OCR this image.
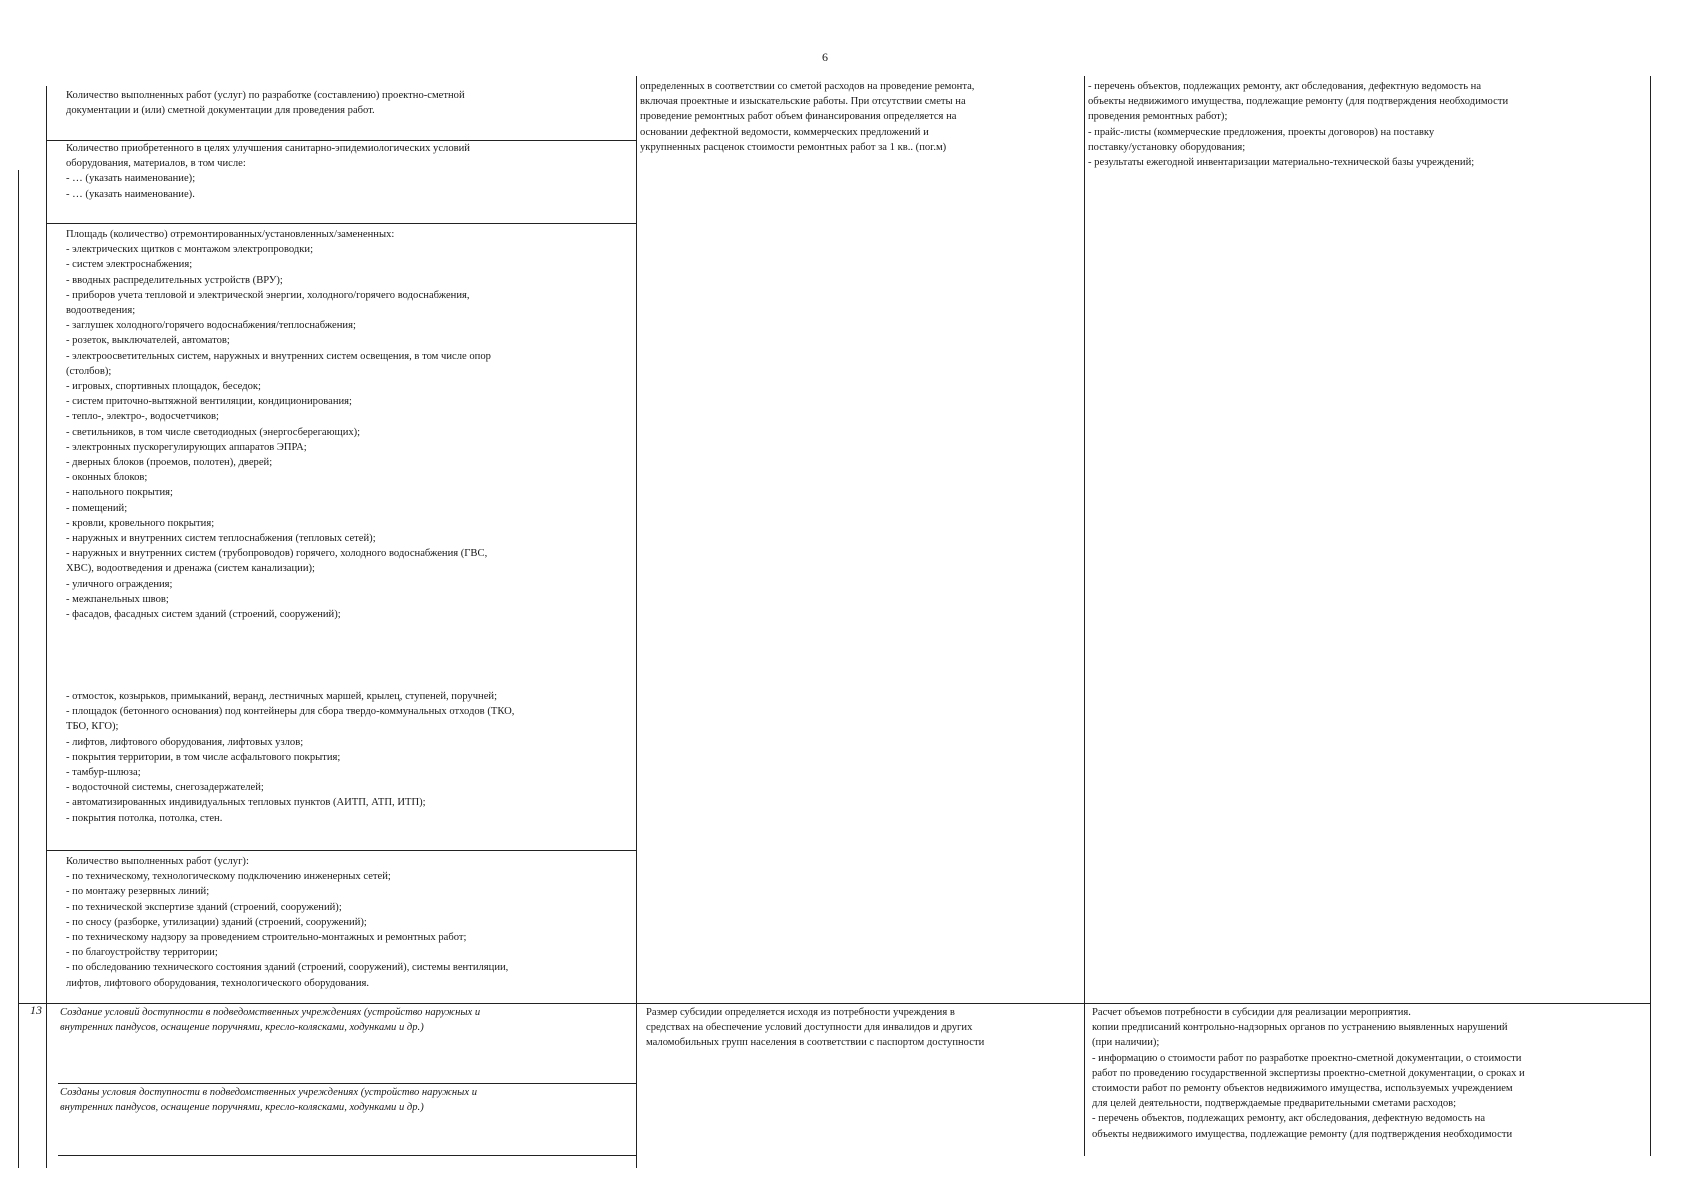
6
Количество выполненных работ (услуг) по разработке (составлению) проектно-сметной
документации и (или) сметной документации для проведения работ.
Количество приобретенного в целях улучшения санитарно-эпидемиологических условий
оборудования, материалов, в том числе:
- … (указать наименование);
- … (указать наименование).
Площадь (количество) отремонтированных/установленных/замененных:
- электрических щитков с монтажом электропроводки;
- систем электроснабжения;
- вводных распределительных устройств (ВРУ);
- приборов учета тепловой и электрической энергии, холодного/горячего водоснабжения,
водоотведения;
- заглушек холодного/горячего водоснабжения/теплоснабжения;
- розеток, выключателей, автоматов;
- электроосветительных систем, наружных и внутренних систем освещения, в том числе опор
(столбов);
- игровых, спортивных площадок, беседок;
- систем приточно-вытяжной вентиляции, кондиционирования;
- тепло-, электро-, водосчетчиков;
- светильников, в том числе светодиодных (энергосберегающих);
- электронных пускорегулирующих аппаратов ЭПРА;
- дверных блоков (проемов, полотен), дверей;
- оконных блоков;
- напольного покрытия;
- помещений;
- кровли, кровельного покрытия;
- наружных и внутренних систем теплоснабжения (тепловых сетей);
- наружных и внутренних систем (трубопроводов) горячего, холодного водоснабжения (ГВС,
ХВС), водоотведения и дренажа (систем канализации);
- уличного ограждения;
- межпанельных швов;
- фасадов, фасадных систем зданий (строений, сооружений);
- отмосток, козырьков, примыканий, веранд, лестничных маршей, крылец, ступеней, поручней;
- площадок (бетонного основания) под контейнеры для сбора твердо-коммунальных отходов (ТКО,
ТБО, КГО);
- лифтов, лифтового оборудования, лифтовых узлов;
- покрытия территории, в том числе асфальтового покрытия;
- тамбур-шлюза;
- водосточной системы, снегозадержателей;
- автоматизированных индивидуальных тепловых пунктов (АИТП, АТП, ИТП);
- покрытия потолка, потолка, стен.
Количество выполненных работ (услуг):
- по техническому, технологическому подключению инженерных сетей;
- по монтажу резервных линий;
- по технической экспертизе зданий (строений, сооружений);
- по сносу (разборке, утилизации) зданий (строений, сооружений);
- по техническому надзору за проведением строительно-монтажных и ремонтных работ;
- по благоустройству территории;
- по обследованию технического состояния зданий (строений, сооружений), системы вентиляции,
лифтов, лифтового оборудования, технологического оборудования.
определенных в соответствии со сметой расходов на проведение ремонта,
включая проектные и изыскательские работы. При отсутствии сметы на
проведение ремонтных работ объем финансирования определяется на
основании дефектной ведомости, коммерческих предложений и
укрупненных расценок стоимости ремонтных работ за 1 кв.. (пог.м)
- перечень объектов, подлежащих ремонту, акт обследования, дефектную ведомость на
объекты недвижимого имущества, подлежащие ремонту (для подтверждения необходимости
проведения ремонтных работ);
- прайс-листы (коммерческие предложения, проекты договоров) на поставку
поставку/установку оборудования;
- результаты ежегодной инвентаризации материально-технической базы учреждений;
13 Создание условий доступности в подведомственных учреждениях (устройство наружных и
внутренних пандусов, оснащение поручнями, кресло-колясками, ходунками и др.)
Созданы условия доступности в подведомственных учреждениях (устройство наружных и
внутренних пандусов, оснащение поручнями, кресло-колясками, ходунками и др.)
Размер субсидии определяется исходя из потребности учреждения в
средствах на обеспечение условий доступности для инвалидов и других
маломобильных групп населения в соответствии с паспортом доступности
Расчет объемов потребности в субсидии для реализации мероприятия.
копии предписаний контрольно-надзорных органов по устранению выявленных нарушений
(при наличии);
- информацию о стоимости работ по разработке проектно-сметной документации, о стоимости
работ по проведению государственной экспертизы проектно-сметной документации, о сроках и
стоимости работ по ремонту объектов недвижимого имущества, используемых учреждением
для целей деятельности, подтверждаемые предварительными сметами расходов;
- перечень объектов, подлежащих ремонту, акт обследования, дефектную ведомость на
объекты недвижимого имущества, подлежащие ремонту (для подтверждения необходимости
